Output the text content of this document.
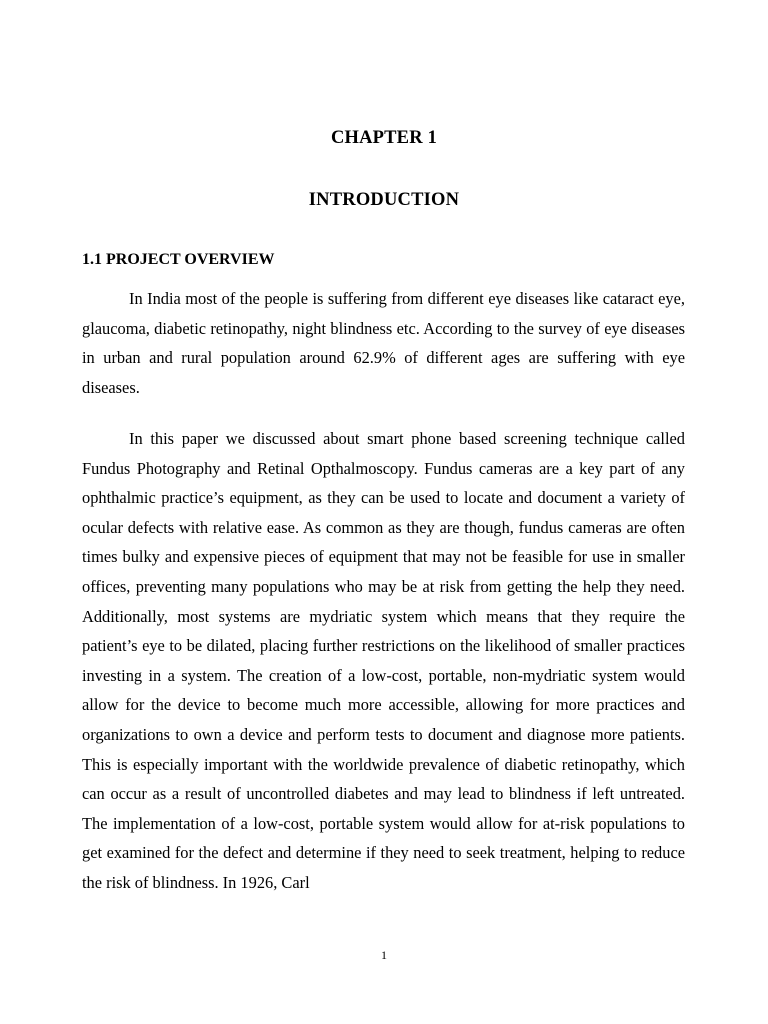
CHAPTER 1
INTRODUCTION
1.1 PROJECT OVERVIEW

In India most of the people is suffering from different eye diseases like cataract eye, glaucoma, diabetic retinopathy, night blindness etc. According to the survey of eye diseases in urban and rural population around 62.9% of different ages are suffering with eye diseases.

In this paper we discussed about smart phone based screening technique called Fundus Photography and Retinal Opthalmoscopy. Fundus cameras are a key part of any ophthalmic practice’s equipment, as they can be used to locate and document a variety of ocular defects with relative ease. As common as they are though, fundus cameras are often times bulky and expensive pieces of equipment that may not be feasible for use in smaller offices, preventing many populations who may be at risk from getting the help they need. Additionally, most systems are mydriatic system which means that they require the patient’s eye to be dilated, placing further restrictions on the likelihood of smaller practices investing in a system. The creation of a low-cost, portable, non-mydriatic system would allow for the device to become much more accessible, allowing for more practices and organizations to own a device and perform tests to document and diagnose more patients. This is especially important with the worldwide prevalence of diabetic retinopathy, which can occur as a result of uncontrolled diabetes and may lead to blindness if left untreated. The implementation of a low-cost, portable system would allow for at-risk populations to get examined for the defect and determine if they need to seek treatment, helping to reduce the risk of blindness. In 1926, Carl

1
